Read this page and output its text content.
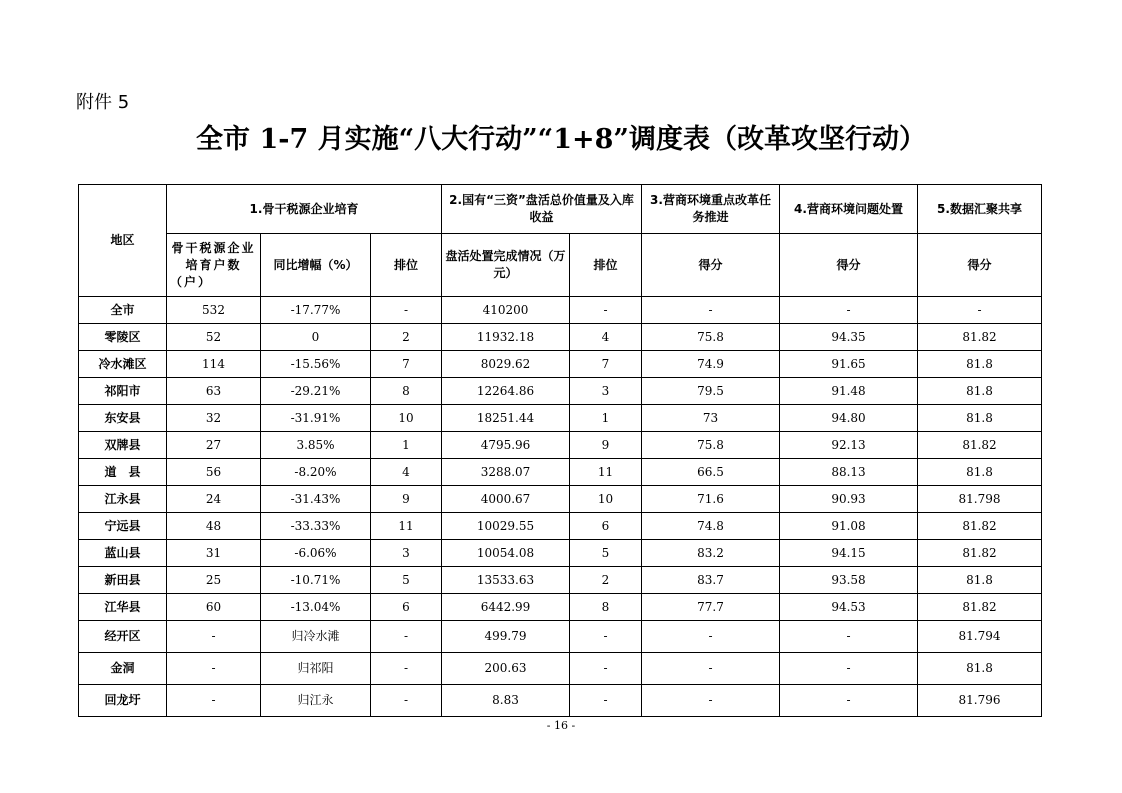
附件 5
全市 1-7 月实施“八大行动”“1+8”调度表（改革攻坚行动）
地区	1.骨干税源企业培育			2.国有“三资”盘活总价值量及入库收益		3.营商环境重点改革任务推进	4.营商环境问题处置	5.数据汇聚共享
	骨干税源企业培育户数（户）	同比增幅（%）	排位	盘活处置完成情况（万元）	排位	得分	得分	得分
全市	532	-17.77%	-	410200	-	-	-	-
零陵区	52	0	2	11932.18	4	75.8	94.35	81.82
冷水滩区	114	-15.56%	7	8029.62	7	74.9	91.65	81.8
祁阳市	63	-29.21%	8	12264.86	3	79.5	91.48	81.8
东安县	32	-31.91%	10	18251.44	1	73	94.80	81.8
双牌县	27	3.85%	1	4795.96	9	75.8	92.13	81.82
道　县	56	-8.20%	4	3288.07	11	66.5	88.13	81.8
江永县	24	-31.43%	9	4000.67	10	71.6	90.93	81.798
宁远县	48	-33.33%	11	10029.55	6	74.8	91.08	81.82
蓝山县	31	-6.06%	3	10054.08	5	83.2	94.15	81.82
新田县	25	-10.71%	5	13533.63	2	83.7	93.58	81.8
江华县	60	-13.04%	6	6442.99	8	77.7	94.53	81.82
经开区	-	归冷水滩	-	499.79	-	-	-	81.794
金洞	-	归祁阳	-	200.63	-	-	-	81.8
回龙圩	-	归江永	-	8.83	-	-	-	81.796
- 16 -
